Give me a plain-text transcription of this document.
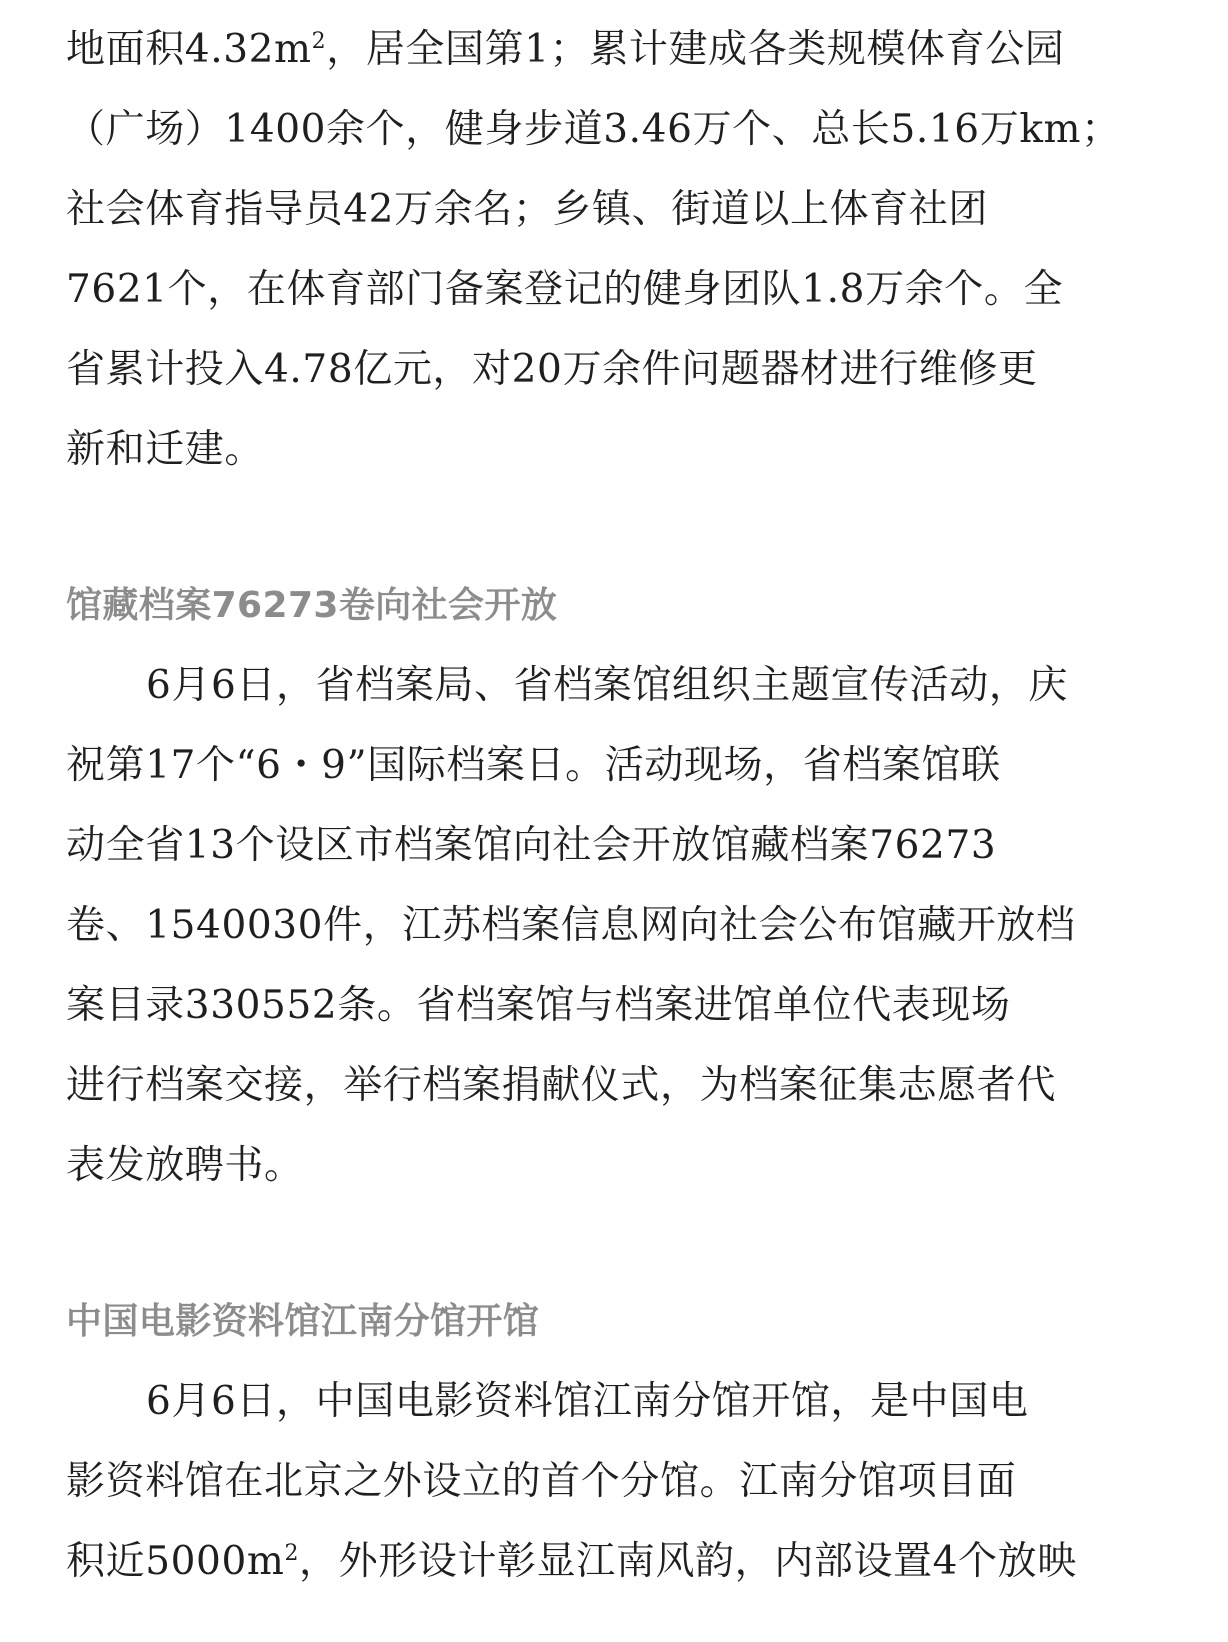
地面积$4.32m^2$，居全国第1；累计建成各类规模体育公园
（广场）1400余个，健身步道3.46万个、总长5.16万km；
社会体育指导员42万余名；乡镇、街道以上体育社团
7621个，在体育部门备案登记的健身团队1.8万余个。全
省累计投入4.78亿元，对20万余件问题器材进行维修更
新和迁建。
馆藏档案76273卷向社会开放
6月6日，省档案局、省档案馆组织主题宣传活动，庆
祝第17个“6・9”国际档案日。活动现场，省档案馆联
动全省13个设区市档案馆向社会开放馆藏档案76273
卷、1540030件，江苏档案信息网向社会公布馆藏开放档
案目录330552条。省档案馆与档案进馆单位代表现场
进行档案交接，举行档案捐献仪式，为档案征集志愿者代
表发放聘书。
中国电影资料馆江南分馆开馆
6月6日，中国电影资料馆江南分馆开馆，是中国电
影资料馆在北京之外设立的首个分馆。江南分馆项目面
积近$5000m^2$，外形设计彰显江南风韵，内部设置4个放映
